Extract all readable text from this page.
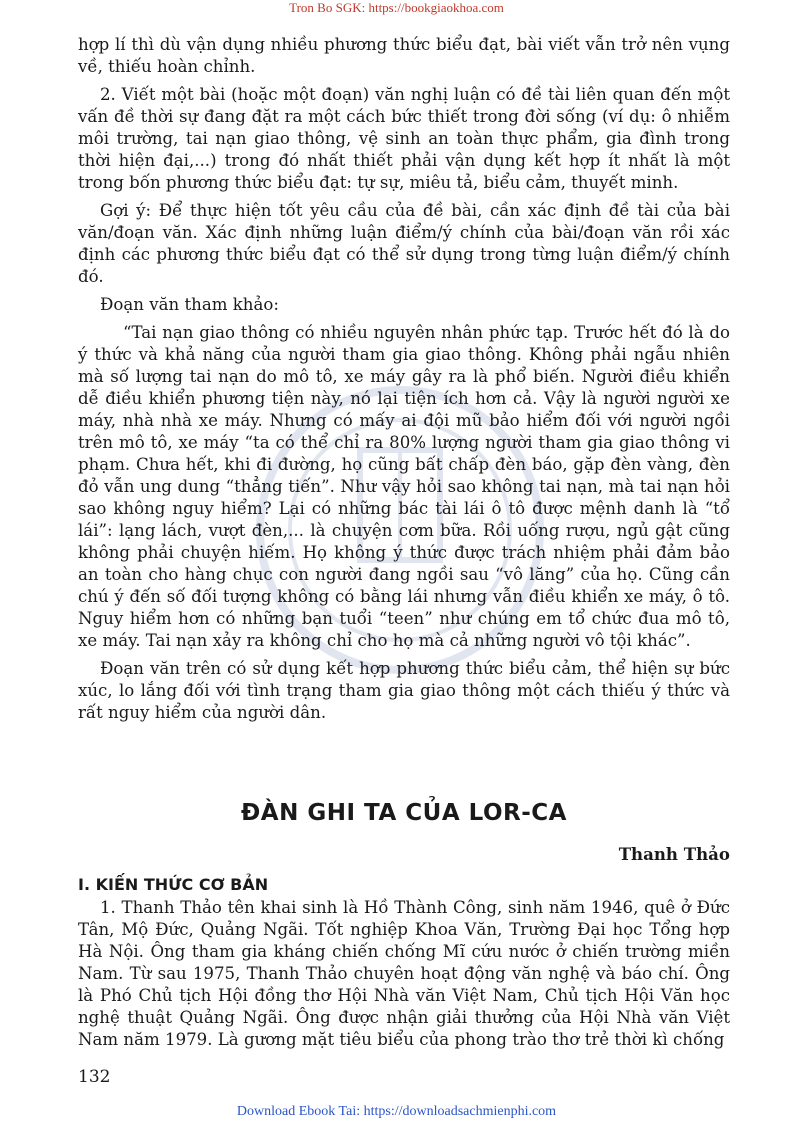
Tron Bo SGK: https://bookgiaokhoa.com

hợp lí thì dù vận dụng nhiều phương thức biểu đạt, bài viết vẫn trở nên vụng về, thiếu hoàn chỉnh.

2. Viết một bài (hoặc một đoạn) văn nghị luận có đề tài liên quan đến một vấn đề thời sự đang đặt ra một cách bức thiết trong đời sống (ví dụ: ô nhiễm môi trường, tai nạn giao thông, vệ sinh an toàn thực phẩm, gia đình trong thời hiện đại,...) trong đó nhất thiết phải vận dụng kết hợp ít nhất là một trong bốn phương thức biểu đạt: tự sự, miêu tả, biểu cảm, thuyết minh.

Gợi ý: Để thực hiện tốt yêu cầu của đề bài, cần xác định đề tài của bài văn/đoạn văn. Xác định những luận điểm/ý chính của bài/đoạn văn rồi xác định các phương thức biểu đạt có thể sử dụng trong từng luận điểm/ý chính đó.

Đoạn văn tham khảo:

“Tai nạn giao thông có nhiều nguyên nhân phức tạp. Trước hết đó là do ý thức và khả năng của người tham gia giao thông. Không phải ngẫu nhiên mà số lượng tai nạn do mô tô, xe máy gây ra là phổ biến. Người điều khiển dễ điều khiển phương tiện này, nó lại tiện ích hơn cả. Vậy là người người xe máy, nhà nhà xe máy. Nhưng có mấy ai đội mũ bảo hiểm đối với người ngồi trên mô tô, xe máy “ta có thể chỉ ra 80% lượng người tham gia giao thông vi phạm. Chưa hết, khi đi đường, họ cũng bất chấp đèn báo, gặp đèn vàng, đèn đỏ vẫn ung dung “thẳng tiến”. Như vậy hỏi sao không tai nạn, mà tai nạn hỏi sao không nguy hiểm? Lại có những bác tài lái ô tô được mệnh danh là “tổ lái”: lạng lách, vượt đèn,... là chuyện cơm bữa. Rồi uống rượu, ngủ gật cũng không phải chuyện hiếm. Họ không ý thức được trách nhiệm phải đảm bảo an toàn cho hàng chục con người đang ngồi sau “vô lăng” của họ. Cũng cần chú ý đến số đối tượng không có bằng lái nhưng vẫn điều khiển xe máy, ô tô. Nguy hiểm hơn có những bạn tuổi “teen” như chúng em tổ chức đua mô tô, xe máy. Tai nạn xảy ra không chỉ cho họ mà cả những người vô tội khác”.

Đoạn văn trên có sử dụng kết hợp phương thức biểu cảm, thể hiện sự bức xúc, lo lắng đối với tình trạng tham gia giao thông một cách thiếu ý thức và rất nguy hiểm của người dân.

ĐÀN GHI TA CỦA LOR-CA
Thanh Thảo
I. KIẾN THỨC CƠ BẢN

1. Thanh Thảo tên khai sinh là Hồ Thành Công, sinh năm 1946, quê ở Đức Tân, Mộ Đức, Quảng Ngãi. Tốt nghiệp Khoa Văn, Trường Đại học Tổng hợp Hà Nội. Ông tham gia kháng chiến chống Mĩ cứu nước ở chiến trường miền Nam. Từ sau 1975, Thanh Thảo chuyên hoạt động văn nghệ và báo chí. Ông là Phó Chủ tịch Hội đồng thơ Hội Nhà văn Việt Nam, Chủ tịch Hội Văn học nghệ thuật Quảng Ngãi. Ông được nhận giải thưởng của Hội Nhà văn Việt Nam năm 1979. Là gương mặt tiêu biểu của phong trào thơ trẻ thời kì chống

132
Download Ebook Tai: https://downloadsachmienphi.com
